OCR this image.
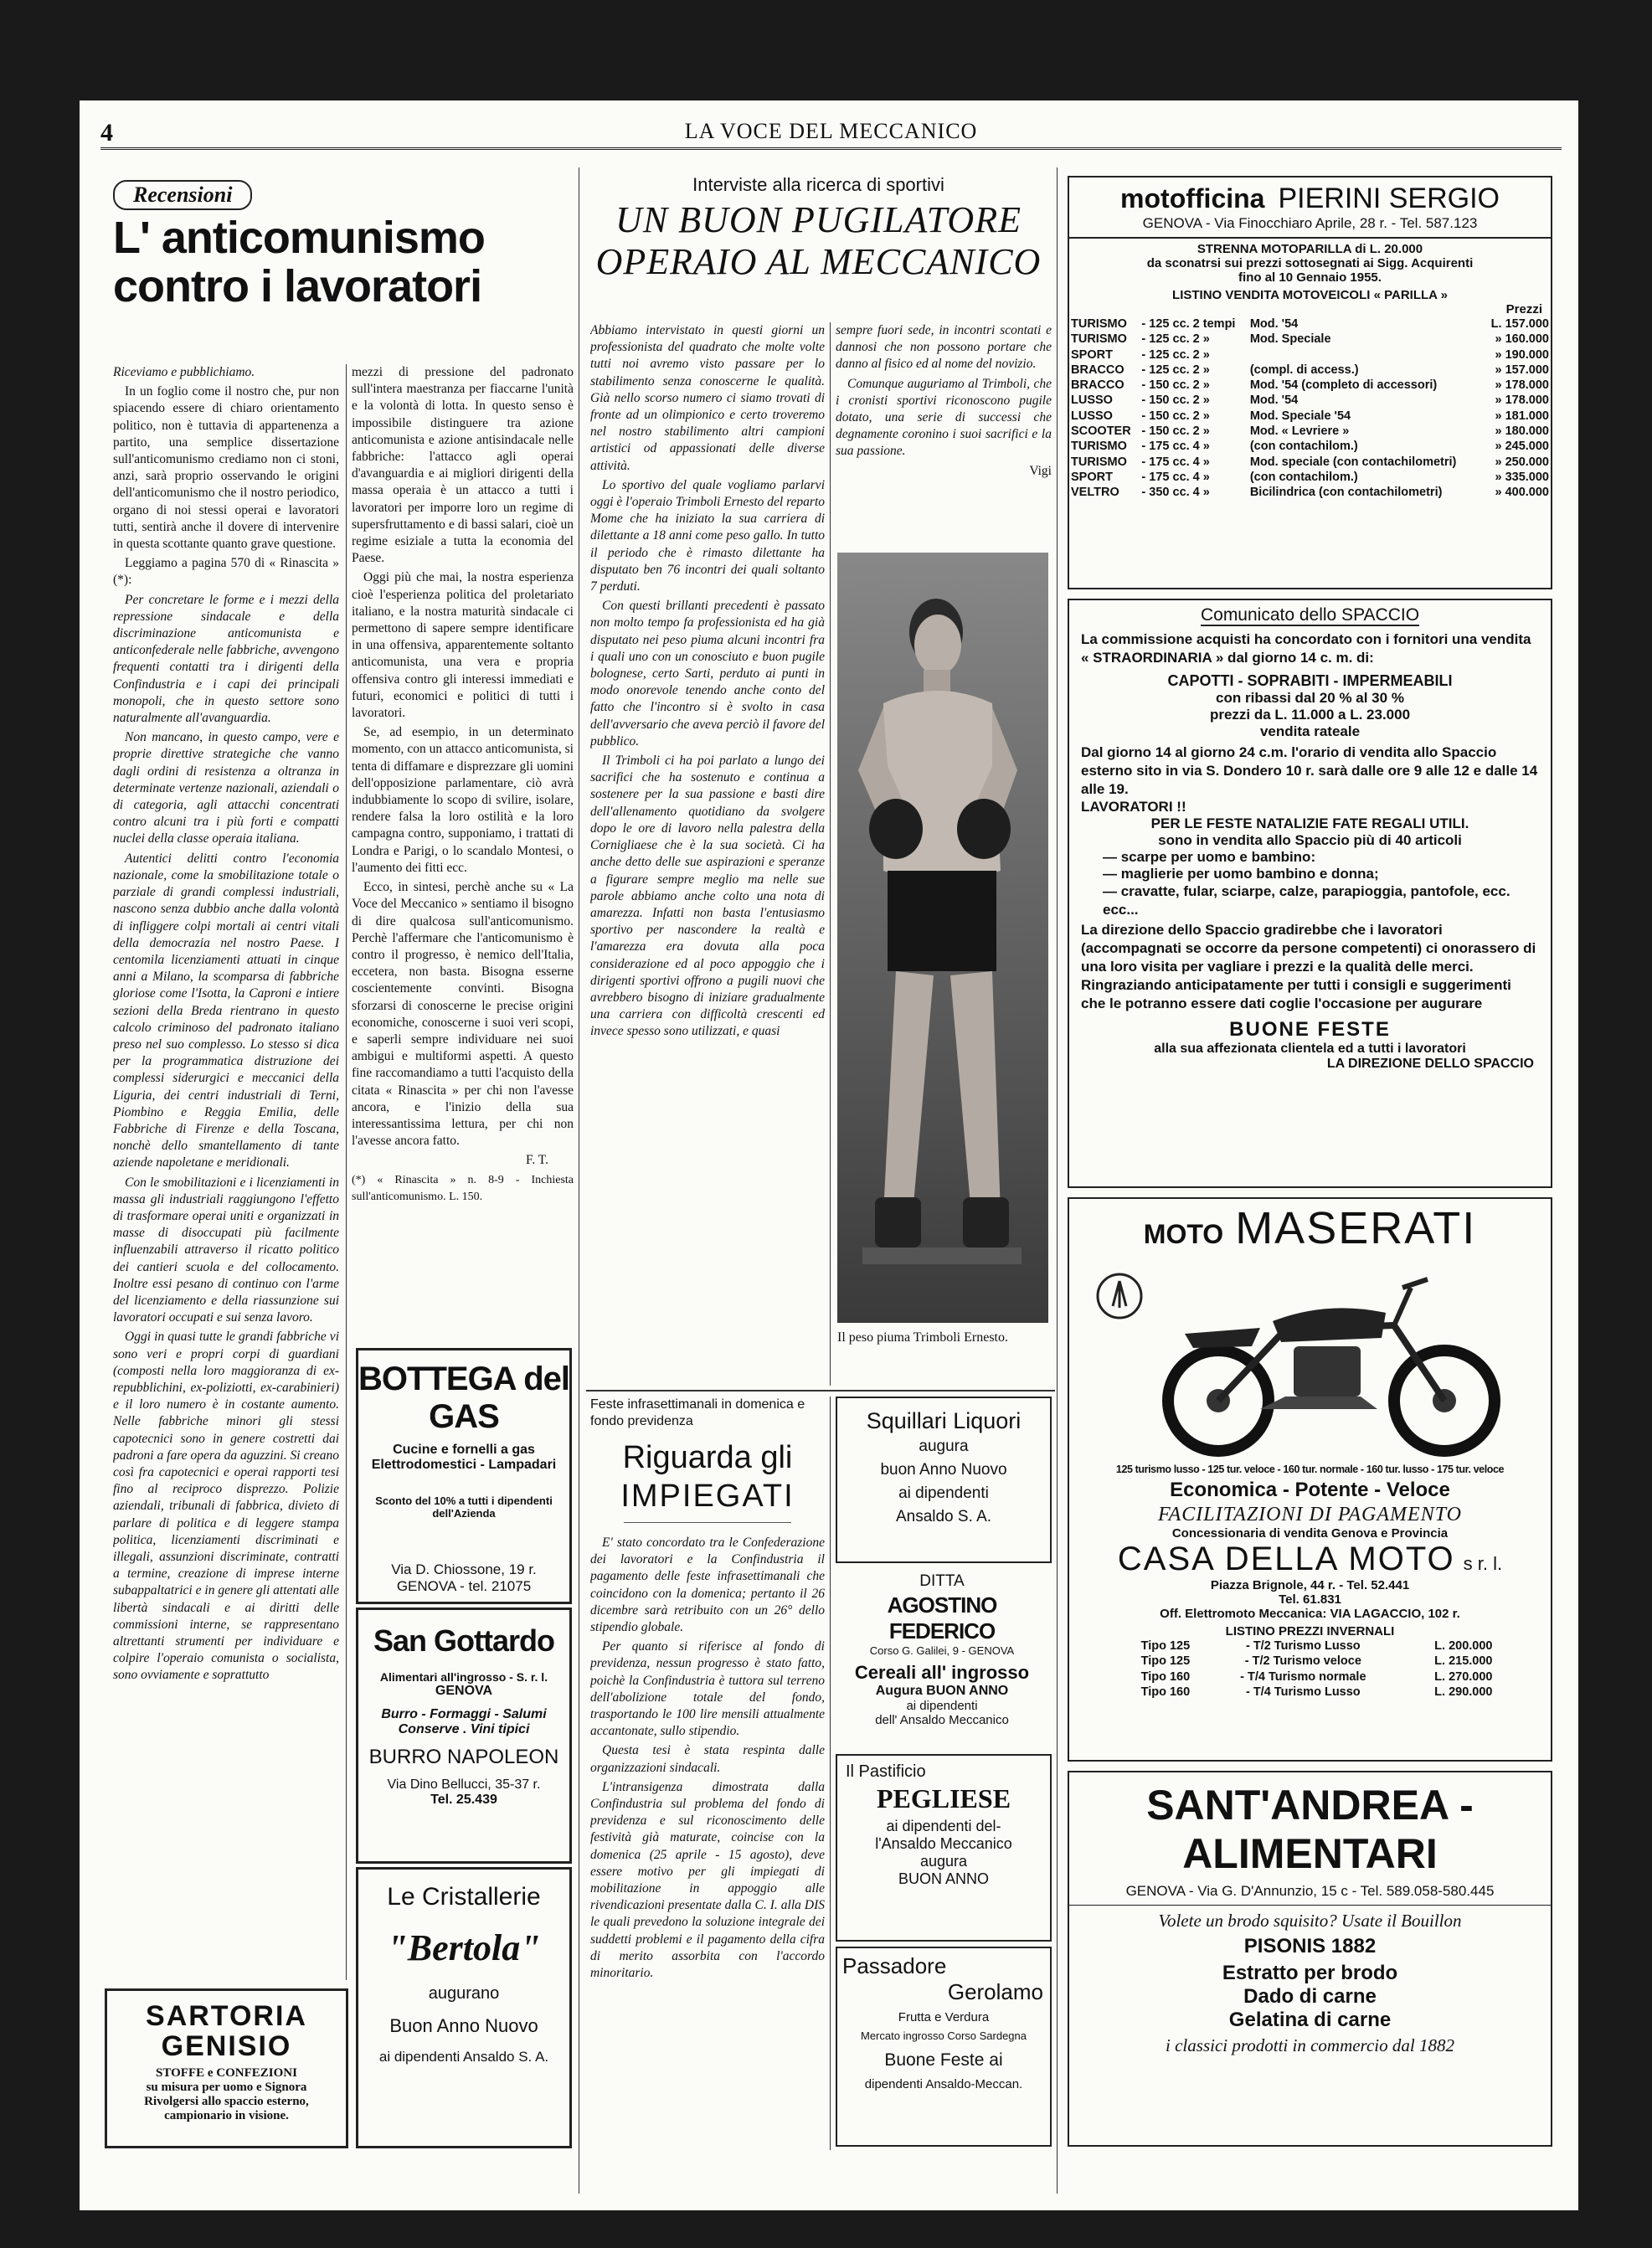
4	LA VOCE DEL MECCANICO
Recensioni
L' anticomunismo
contro i lavoratori

Riceviamo e pubblichiamo.

In un foglio come il nostro che, pur non spiacendo essere di chiaro orientamento politico, non è tuttavia di appartenenza a partito, una semplice dissertazione sull'anticomunismo crediamo non ci stoni, anzi, sarà proprio osservando le origini dell'anticomunismo che il nostro periodico, organo di noi stessi operai e lavoratori tutti, sentirà anche il dovere di intervenire in questa scottante quanto grave questione.

Leggiamo a pagina 570 di « Rinascita » (*):

Per concretare le forme e i mezzi della repressione sindacale e della discriminazione anticomunista e anticonfederale nelle fabbriche, avvengono frequenti contatti tra i dirigenti della Confindustria e i capi dei principali monopoli, che in questo settore sono naturalmente all'avanguardia.

Non mancano, in questo campo, vere e proprie direttive strategiche che vanno dagli ordini di resistenza a oltranza in determinate vertenze nazionali, aziendali o di categoria, agli attacchi concentrati contro alcuni tra i più forti e compatti nuclei della classe operaia italiana.

Autentici delitti contro l'economia nazionale, come la smobilitazione totale o parziale di grandi complessi industriali, nascono senza dubbio anche dalla volontà di infliggere colpi mortali ai centri vitali della democrazia nel nostro Paese. I centomila licenziamenti attuati in cinque anni a Milano, la scomparsa di fabbriche gloriose come l'Isotta, la Caproni e intiere sezioni della Breda rientrano in questo calcolo criminoso del padronato italiano preso nel suo complesso. Lo stesso si dica per la programmatica distruzione dei complessi siderurgici e meccanici della Liguria, dei centri industriali di Terni, Piombino e Reggia Emilia, delle Fabbriche di Firenze e della Toscana, nonchè dello smantellamento di tante aziende napoletane e meridionali.

Con le smobilitazioni e i licenziamenti in massa gli industriali raggiungono l'effetto di trasformare operai uniti e organizzati in masse di disoccupati più facilmente influenzabili attraverso il ricatto politico dei cantieri scuola e del collocamento. Inoltre essi pesano di continuo con l'arme del licenziamento e della riassunzione sui lavoratori occupati e sui senza lavoro.

Oggi in quasi tutte le grandi fabbriche vi sono veri e propri corpi di guardiani (composti nella loro maggioranza di ex-repubblichini, ex-poliziotti, ex-carabinieri) e il loro numero è in costante aumento. Nelle fabbriche minori gli stessi capotecnici sono in genere costretti dai padroni a fare opera da aguzzini. Si creano così fra capotecnici e operai rapporti tesi fino al reciproco disprezzo. Polizie aziendali, tribunali di fabbrica, divieto di parlare di politica e di leggere stampa politica, licenziamenti discriminati e illegali, assunzioni discriminate, contratti a termine, creazione di imprese interne subappaltatrici e in genere gli attentati alle libertà sindacali e ai diritti delle commissioni interne, se rappresentano altrettanti strumenti per individuare e colpire l'operaio comunista o socialista, sono ovviamente e soprattutto

mezzi di pressione del padronato sull'intera maestranza per fiaccarne l'unità e la volontà di lotta. In questo senso è impossibile distinguere tra azione anticomunista e azione antisindacale nelle fabbriche: l'attacco agli operai d'avanguardia e ai migliori dirigenti della massa operaia è un attacco a tutti i lavoratori per imporre loro un regime di supersfruttamento e di bassi salari, cioè un regime esiziale a tutta la economia del Paese.

Oggi più che mai, la nostra esperienza cioè l'esperienza politica del proletariato italiano, e la nostra maturità sindacale ci permettono di sapere sempre identificare in una offensiva, apparentemente soltanto anticomunista, una vera e propria offensiva contro gli interessi immediati e futuri, economici e politici di tutti i lavoratori.

Se, ad esempio, in un determinato momento, con un attacco anticomunista, si tenta di diffamare e disprezzare gli uomini dell'opposizione parlamentare, ciò avrà indubbiamente lo scopo di svilire, isolare, rendere falsa la loro ostilità e la loro campagna contro, supponiamo, i trattati di Londra e Parigi, o lo scandalo Montesi, o l'aumento dei fitti ecc.

Ecco, in sintesi, perchè anche su « La Voce del Meccanico » sentiamo il bisogno di dire qualcosa sull'anticomunismo. Perchè l'affermare che l'anticomunismo è contro il progresso, è nemico dell'Italia, eccetera, non basta. Bisogna esserne coscientemente convinti. Bisogna sforzarsi di conoscerne le precise origini economiche, conoscerne i suoi veri scopi, e saperli sempre individuare nei suoi ambigui e multiformi aspetti. A questo fine raccomandiamo a tutti l'acquisto della citata « Rinascita » per chi non l'avesse ancora, e l'inizio della sua interessantissima lettura, per chi non l'avesse ancora fatto.

F. T.

(*) « Rinascita » n. 8-9 - Inchiesta sull'anticomunismo. L. 150.

BOTTEGA del GAS
Cucine e fornelli a gas
Elettrodomestici - Lampadari
Sconto del 10% a tutti i dipendenti dell'Azienda
Via D. Chiossone, 19 r.
GENOVA - tel. 21075
San Gottardo
Alimentari all'ingrosso - S. r. l.
GENOVA
Burro - Formaggi - Salumi
Conserve . Vini tipici
BURRO NAPOLEON
Via Dino Bellucci, 35-37 r.
Tel. 25.439
Le Cristallerie
"Bertola"
augurano
Buon Anno Nuovo
ai dipendenti Ansaldo S. A.
SARTORIA
GENISIO
STOFFE e CONFEZIONI
su misura per uomo e Signora
Rivolgersi allo spaccio esterno,
campionario in visione.
Interviste alla ricerca di sportivi
UN BUON PUGILATORE
OPERAIO AL MECCANICO

Abbiamo intervistato in questi giorni un professionista del quadrato che molte volte tutti noi avremo visto passare per lo stabilimento senza conoscerne le qualità. Già nello scorso numero ci siamo trovati di fronte ad un olimpionico e certo troveremo nel nostro stabilimento altri campioni artistici od appassionati delle diverse attività.

Lo sportivo del quale vogliamo parlarvi oggi è l'operaio Trimboli Ernesto del reparto Mome che ha iniziato la sua carriera di dilettante a 18 anni come peso gallo. In tutto il periodo che è rimasto dilettante ha disputato ben 76 incontri dei quali soltanto 7 perduti.

Con questi brillanti precedenti è passato non molto tempo fa professionista ed ha già disputato nei peso piuma alcuni incontri fra i quali uno con un conosciuto e buon pugile bolognese, certo Sarti, perduto ai punti in modo onorevole tenendo anche conto del fatto che l'incontro si è svolto in casa dell'avversario che aveva perciò il favore del pubblico.

Il Trimboli ci ha poi parlato a lungo dei sacrifici che ha sostenuto e continua a sostenere per la sua passione e basti dire dell'allenamento quotidiano da svolgere dopo le ore di lavoro nella palestra della Cornigliaese che è la sua società. Ci ha anche detto delle sue aspirazioni e speranze a figurare sempre meglio ma nelle sue parole abbiamo anche colto una nota di amarezza. Infatti non basta l'entusiasmo sportivo per nascondere la realtà e l'amarezza era dovuta alla poca considerazione ed al poco appoggio che i dirigenti sportivi offrono a pugili nuovi che avrebbero bisogno di iniziare gradualmente una carriera con difficoltà crescenti ed invece spesso sono utilizzati, e quasi

sempre fuori sede, in incontri scontati e dannosi che non possono portare che danno al fisico ed al nome del novizio.

Comunque auguriamo al Trimboli, che i cronisti sportivi riconoscono pugile dotato, una serie di successi che degnamente coronino i suoi sacrifici e la sua passione.

Vigi

Il peso piuma Trimboli Ernesto.
Feste infrasettimanali in domenica e fondo previdenza
Riguarda gli
IMPIEGATI

E' stato concordato tra le Confederazione dei lavoratori e la Confindustria il pagamento delle feste infrasettimanali che coincidono con la domenica; pertanto il 26 dicembre sarà retribuito con un 26° dello stipendio globale.

Per quanto si riferisce al fondo di previdenza, nessun progresso è stato fatto, poichè la Confindustria è tuttora sul terreno dell'abolizione totale del fondo, trasportando le 100 lire mensili attualmente accantonate, sullo stipendio.

Questa tesi è stata respinta dalle organizzazioni sindacali.

L'intransigenza dimostrata dalla Confindustria sul problema del fondo di previdenza e sul riconoscimento delle festività già maturate, coincise con la domenica (25 aprile - 15 agosto), deve essere motivo per gli impiegati di mobilitazione in appoggio alle rivendicazioni presentate dalla C. I. alla DIS le quali prevedono la soluzione integrale dei suddetti problemi e il pagamento della cifra di merito assorbita con l'accordo minoritario.

Squillari Liquori
augura
buon Anno Nuovo
ai dipendenti
Ansaldo S. A.
DITTA
AGOSTINO FEDERICO
Corso G. Galilei, 9 - GENOVA
Cereali all' ingrosso
Augura BUON ANNO
ai dipendenti
dell' Ansaldo Meccanico
Il Pastificio
PEGLIESE
ai dipendenti del-
l'Ansaldo Meccanico
augura
BUON ANNO
Passadore
Gerolamo
Frutta e Verdura
Mercato ingrosso Corso Sardegna
Buone Feste ai
dipendenti Ansaldo-Meccan.
motofficina PIERINI SERGIO
GENOVA - Via Finocchiaro Aprile, 28 r. - Tel. 587.123
STRENNA MOTOPARILLA di L. 20.000
da sconatrsi sui prezzi sottosegnati ai Sigg. Acquirenti
fino al 10 Gennaio 1955.
LISTINO VENDITA MOTOVEICOLI « PARILLA »
Prezzi
TURISMO	- 125 cc. 2 tempi	Mod. '54	L. 157.000
TURISMO	- 125 cc. 2 »	Mod. Speciale	» 160.000
SPORT	- 125 cc. 2 »		» 190.000
BRACCO	- 125 cc. 2 »	(compl. di access.)	» 157.000
BRACCO	- 150 cc. 2 »	Mod. '54 (completo di accessori)	» 178.000
LUSSO	- 150 cc. 2 »	Mod. '54	» 178.000
LUSSO	- 150 cc. 2 »	Mod. Speciale '54	» 181.000
SCOOTER	- 150 cc. 2 »	Mod. « Levriere »	» 180.000
TURISMO	- 175 cc. 4 »	(con contachilom.)	» 245.000
TURISMO	- 175 cc. 4 »	Mod. speciale (con contachilometri)	» 250.000
SPORT	- 175 cc. 4 »	(con contachilom.)	» 335.000
VELTRO	- 350 cc. 4 »	Bicilindrica (con contachilometri)	» 400.000
Comunicato dello SPACCIO
La commissione acquisti ha concordato con i fornitori una vendita « STRAORDINARIA » dal giorno 14 c. m. di:
CAPOTTI - SOPRABITI - IMPERMEABILI
con ribassi dal 20 % al 30 %
prezzi da L. 11.000 a L. 23.000
vendita rateale
Dal giorno 14 al giorno 24 c.m. l'orario di vendita allo Spaccio esterno sito in via S. Dondero 10 r. sarà dalle ore 9 alle 12 e dalle 14 alle 19.
LAVORATORI !!
PER LE FESTE NATALIZIE FATE REGALI UTILI.
sono in vendita allo Spaccio più di 40 articoli
— scarpe per uomo e bambino:
— maglierie per uomo bambino e donna;
— cravatte, fular, sciarpe, calze, parapioggia, pantofole, ecc. ecc...
La direzione dello Spaccio gradirebbe che i lavoratori (accompagnati se occorre da persone competenti) ci onorassero di una loro visita per vagliare i prezzi e la qualità delle merci. Ringraziando anticipatamente per tutti i consigli e suggerimenti che le potranno essere dati coglie l'occasione per augurare
BUONE FESTE
alla sua affezionata clientela ed a tutti i lavoratori
LA DIREZIONE DELLO SPACCIO
MOTO MASERATI
125 turismo lusso - 125 tur. veloce - 160 tur. normale - 160 tur. lusso - 175 tur. veloce
Economica - Potente - Veloce
FACILITAZIONI DI PAGAMENTO
Concessionaria di vendita Genova e Provincia
CASA DELLA MOTO s r. l.
Piazza Brignole, 44 r. - Tel. 52.441
Tel. 61.831
Off. Elettromoto Meccanica: VIA LAGACCIO, 102 r.
LISTINO PREZZI INVERNALI
Tipo 125	- T/2 Turismo Lusso	L. 200.000
Tipo 125	- T/2 Turismo veloce	L. 215.000
Tipo 160	- T/4 Turismo normale	L. 270.000
Tipo 160	- T/4 Turismo Lusso	L. 290.000
SANT'ANDREA - ALIMENTARI
GENOVA - Via G. D'Annunzio, 15 c - Tel. 589.058-580.445
Volete un brodo squisito? Usate il Bouillon
PISONIS 1882
Estratto per brodo
Dado di carne
Gelatina di carne
i classici prodotti in commercio dal 1882
